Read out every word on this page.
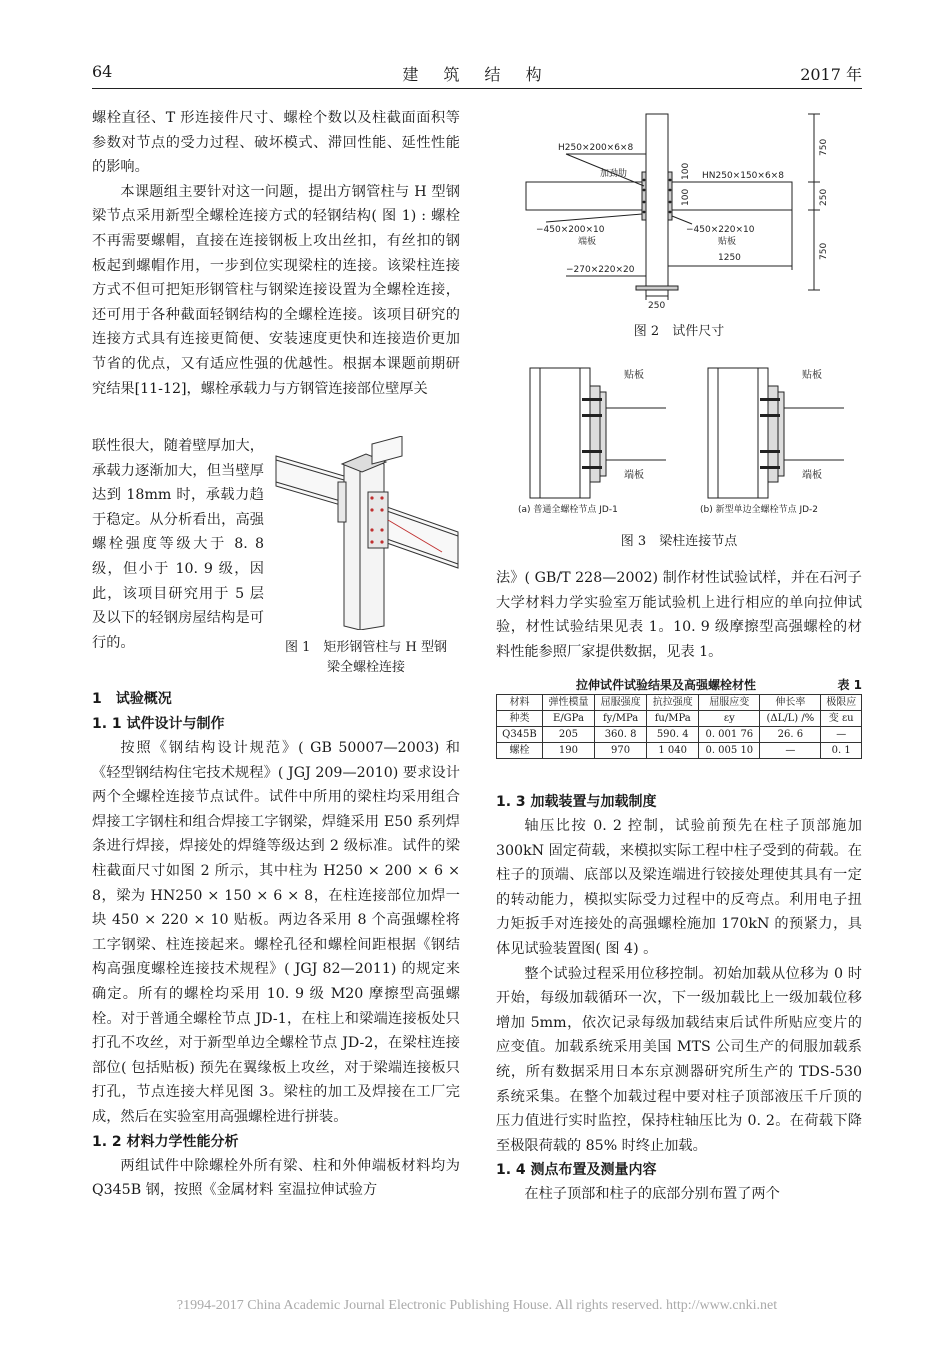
64	建 筑 结 构	2017 年

螺栓直径、T 形连接件尺寸、螺栓个数以及柱截面面积等参数对节点的受力过程、破坏模式、滞回性能、延性性能的影响。

本课题组主要针对这一问题，提出方钢管柱与 H 型钢梁节点采用新型全螺栓连接方式的轻钢结构( 图 1) : 螺栓不再需要螺帽，直接在连接钢板上攻出丝扣，有丝扣的钢板起到螺帽作用，一步到位实现梁柱的连接。该梁柱连接方式不但可把矩形钢管柱与钢梁连接设置为全螺栓连接，还可用于各种截面轻钢结构的全螺栓连接。该项目研究的连接方式具有连接更简便、安装速度更快和连接造价更加节省的优点，又有适应性强的优越性。根据本课题前期研究结果[11-12]，螺栓承载力与方钢管连接部位壁厚关

联性很大，随着壁厚加大，承载力逐渐加大，但当壁厚达到 18mm 时，承载力趋于稳定。从分析看出，高强螺栓强度等级大于 8. 8 级，但小于 10. 9 级，因此，该项目研究用于 5 层及以下的轻钢房屋结构是可行的。	图 1　矩形钢管柱与 H 型钢
梁全螺栓连接

1　试验概况

1. 1 试件设计与制作

按照《钢结构设计规范》( GB 50007—2003) 和《轻型钢结构住宅技术规程》( JGJ 209—2010) 要求设计两个全螺栓连接节点试件。试件中所用的梁柱均采用组合焊接工字钢柱和组合焊接工字钢梁，焊缝采用 E50 系列焊条进行焊接，焊接处的焊缝等级达到 2 级标准。试件的梁柱截面尺寸如图 2 所示，其中柱为 H250 × 200 × 6 × 8，梁为 HN250 × 150 × 6 × 8，在柱连接部位加焊一块 450 × 220 × 10 贴板。两边各采用 8 个高强螺栓将工字钢梁、柱连接起来。螺栓孔径和螺栓间距根据《钢结构高强度螺栓连接技术规程》( JGJ 82—2011) 的规定来确定。所有的螺栓均采用 10. 9 级 M20 摩擦型高强螺栓。对于普通全螺栓节点 JD-1，在柱上和梁端连接板处只打孔不攻丝，对于新型单边全螺栓节点 JD-2，在梁柱连接部位( 包括贴板) 预先在翼缘板上攻丝，对于梁端连接板只打孔，节点连接大样见图 3。梁柱的加工及焊接在工厂完成，然后在实验室用高强螺栓进行拼装。

1. 2 材料力学性能分析

两组试件中除螺栓外所有梁、柱和外伸端板材料均为 Q345B 钢，按照《金属材料 室温拉伸试验方

H250×200×6×8
加劲肋	HN250×150×6×8
−450×200×10
端板
−450×220×10
贴板
1250
−270×220×20
250
750
250
750
100
100
图 2　试件尺寸
贴板
端板
贴板
端板
(a) 普通全螺栓节点 JD-1	(b) 新型单边全螺栓节点 JD-2
图 3　梁柱连接节点

法》( GB/T 228—2002) 制作材性试验试样，并在石河子大学材料力学实验室万能试验机上进行相应的单向拉伸试验，材性试验结果见表 1。10. 9 级摩擦型高强螺栓的材料性能参照厂家提供数据，见表 1。

拉伸试件试验结果及高强螺栓材性	表 1
材料	弹性模量	屈服强度	抗拉强度	屈服应变	伸长率	极限应
种类	E/GPa	fy/MPa	fu/MPa	εy	(ΔL/L) /%	变 εu
Q345B	205	360. 8	590. 4	0. 001 76	26. 6	—
螺栓	190	970	1 040	0. 005 10	—	0. 1

1. 3 加载装置与加载制度

轴压比按 0. 2 控制，试验前预先在柱子顶部施加 300kN 固定荷载，来模拟实际工程中柱子受到的荷载。在柱子的顶端、底部以及梁连端进行铰接处理使其具有一定的转动能力，模拟实际受力过程中的反弯点。利用电子扭力矩扳手对连接处的高强螺栓施加 170kN 的预紧力，具体见试验装置图( 图 4) 。

整个试验过程采用位移控制。初始加载从位移为 0 时开始，每级加载循环一次，下一级加载比上一级加载位移增加 5mm，依次记录每级加载结束后试件所贴应变片的应变值。加载系统采用美国 MTS 公司生产的伺服加载系统，所有数据采用日本东京测器研究所生产的 TDS-530 系统采集。在整个加载过程中要对柱子顶部液压千斤顶的压力值进行实时监控，保持柱轴压比为 0. 2。在荷载下降至极限荷载的 85% 时终止加载。

1. 4 测点布置及测量内容

在柱子顶部和柱子的底部分别布置了两个

?1994-2017 China Academic Journal Electronic Publishing House. All rights reserved. http://www.cnki.net
